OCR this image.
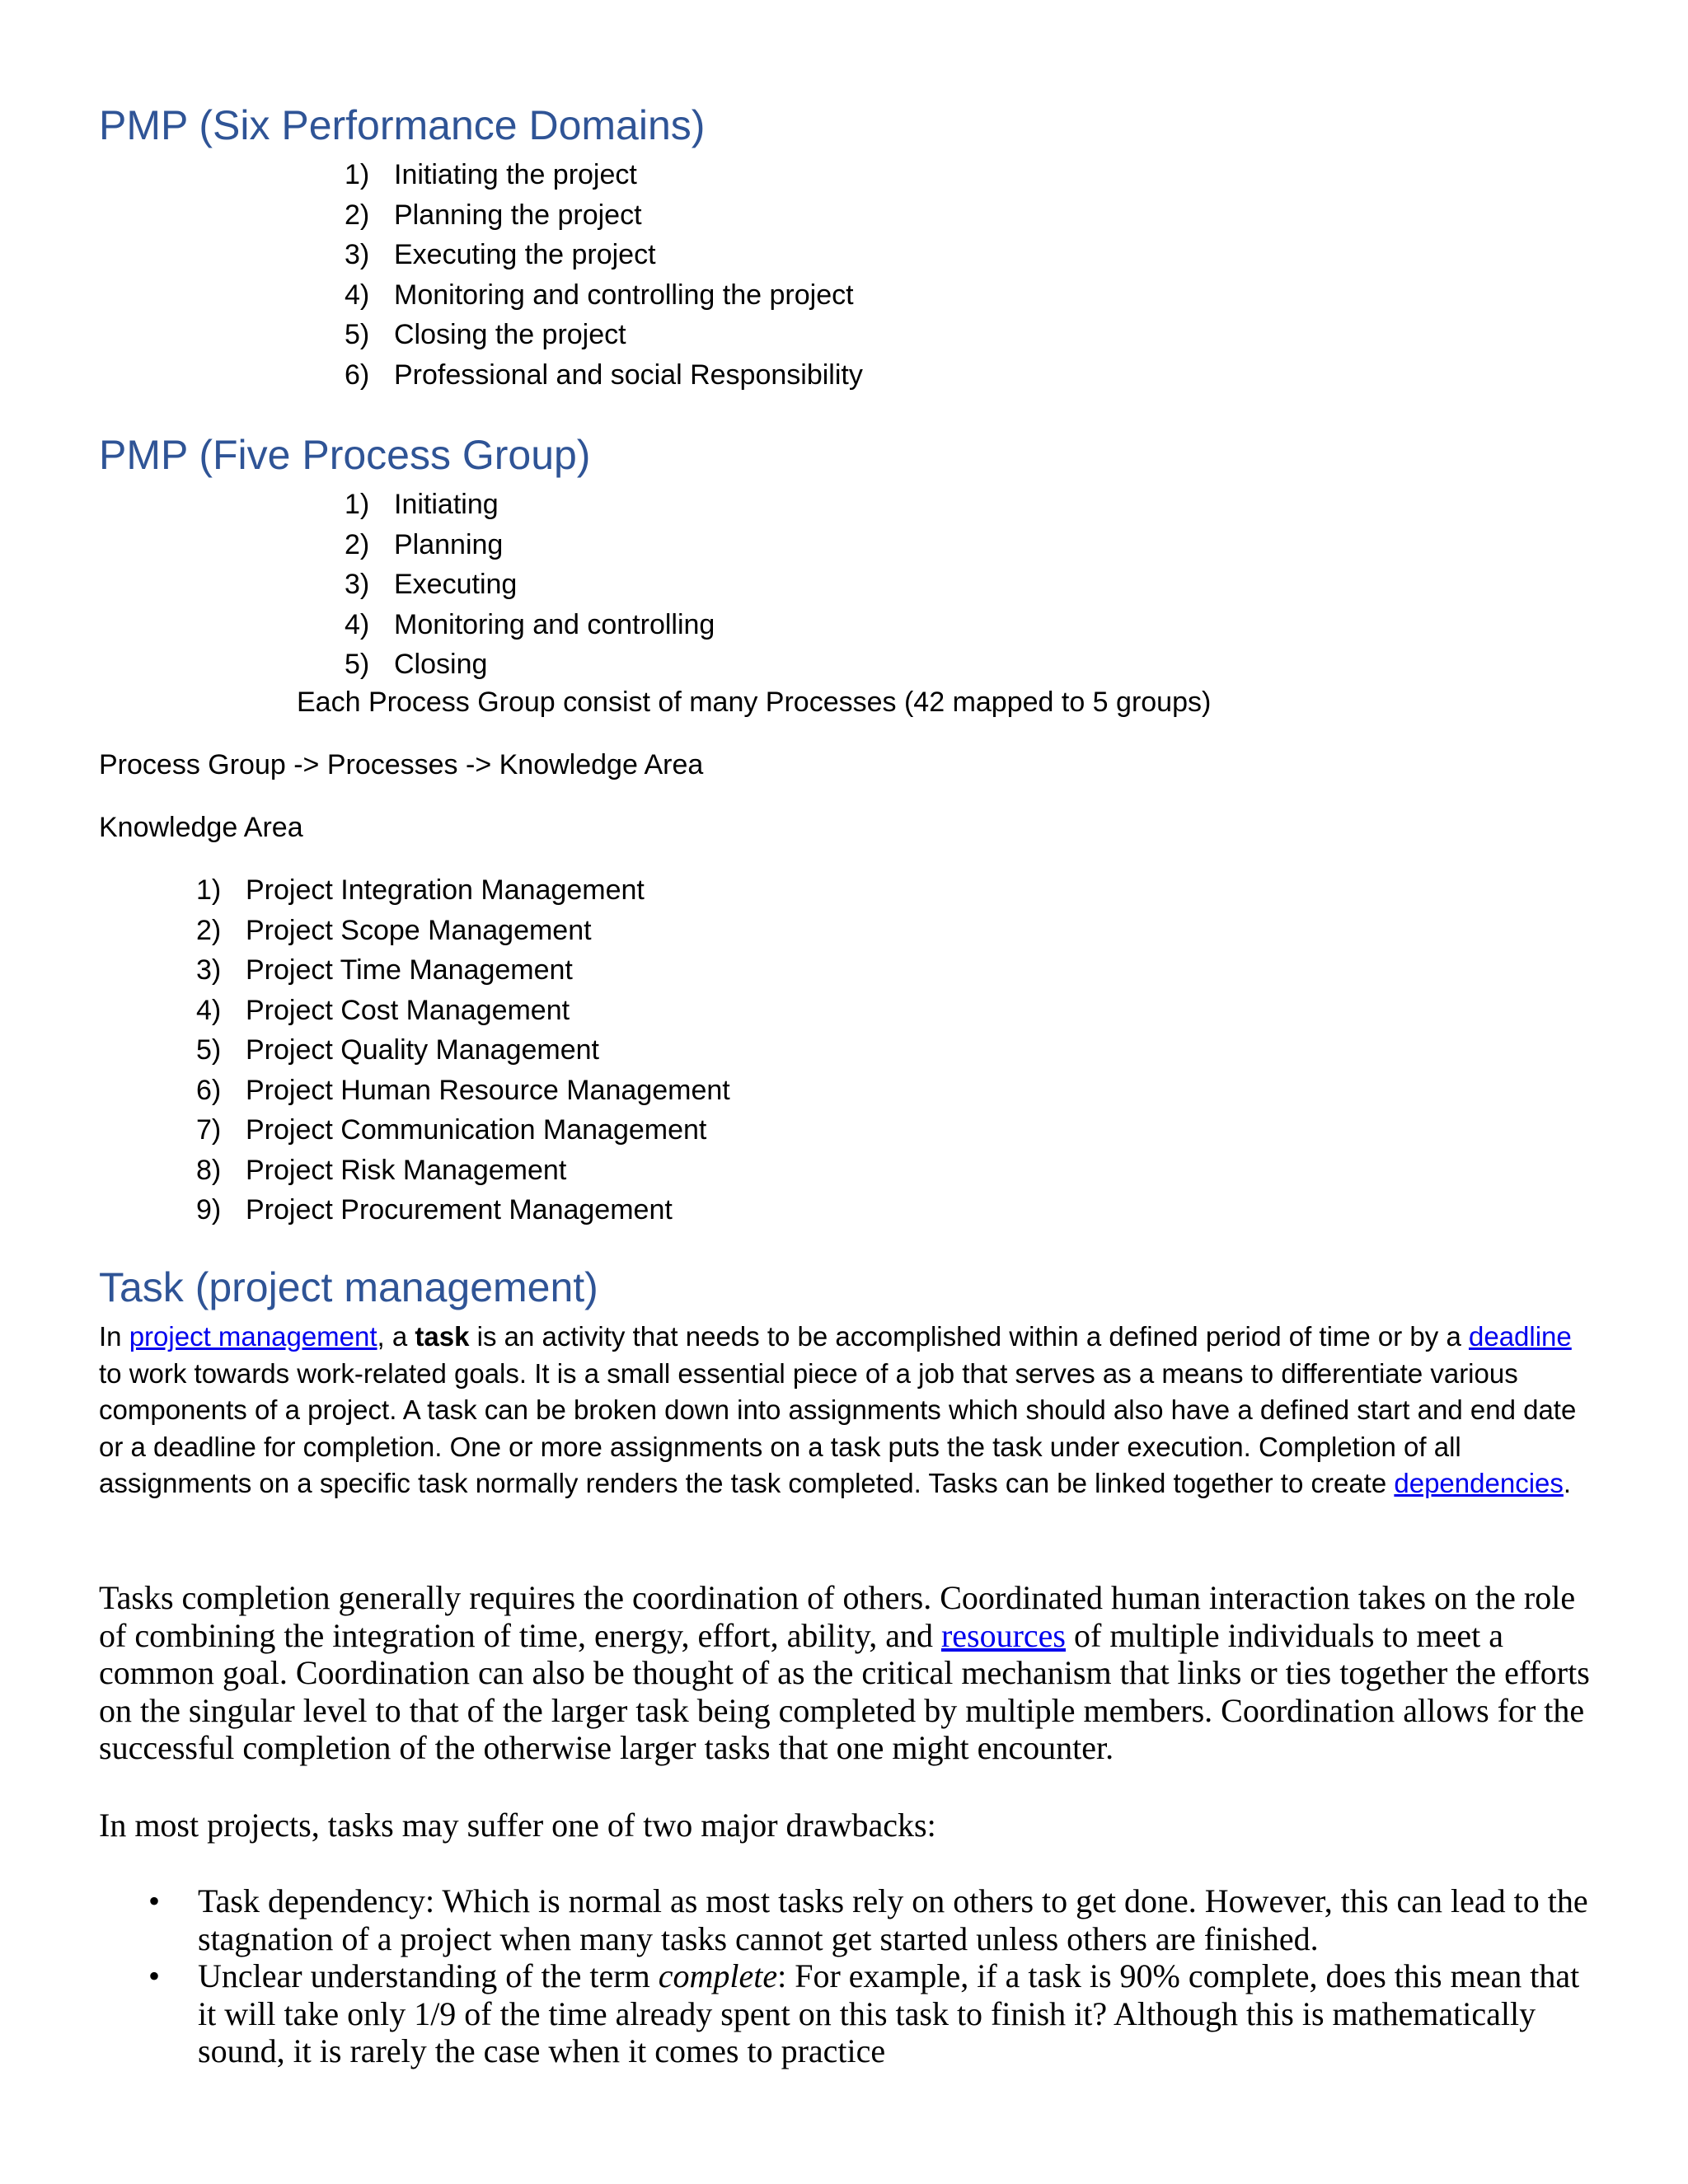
PMP (Six Performance Domains)
1) Initiating the project
2) Planning the project
3) Executing the project
4) Monitoring and controlling the project
5) Closing the project
6) Professional and social Responsibility
PMP (Five Process Group)
1) Initiating
2) Planning
3) Executing
4) Monitoring and controlling
5) Closing

Each Process Group consist of many Processes (42 mapped to 5 groups)

Process Group -> Processes -> Knowledge Area

Knowledge Area

1) Project Integration Management
2) Project Scope Management
3) Project Time Management
4) Project Cost Management
5) Project Quality Management
6) Project Human Resource Management
7) Project Communication Management
8) Project Risk Management
9) Project Procurement Management
Task (project management)

In project management, a task is an activity that needs to be accomplished within a defined period of time or by a deadline to work towards work-related goals. It is a small essential piece of a job that serves as a means to differentiate various components of a project. A task can be broken down into assignments which should also have a defined start and end date or a deadline for completion. One or more assignments on a task puts the task under execution. Completion of all assignments on a specific task normally renders the task completed. Tasks can be linked together to create dependencies.

Tasks completion generally requires the coordination of others. Coordinated human interaction takes on the role of combining the integration of time, energy, effort, ability, and resources of multiple individuals to meet a common goal. Coordination can also be thought of as the critical mechanism that links or ties together the efforts on the singular level to that of the larger task being completed by multiple members. Coordination allows for the successful completion of the otherwise larger tasks that one might encounter.

In most projects, tasks may suffer one of two major drawbacks:

• Task dependency: Which is normal as most tasks rely on others to get done. However, this can lead to the stagnation of a project when many tasks cannot get started unless others are finished.
• Unclear understanding of the term complete: For example, if a task is 90% complete, does this mean that it will take only 1/9 of the time already spent on this task to finish it? Although this is mathematically sound, it is rarely the case when it comes to practice
